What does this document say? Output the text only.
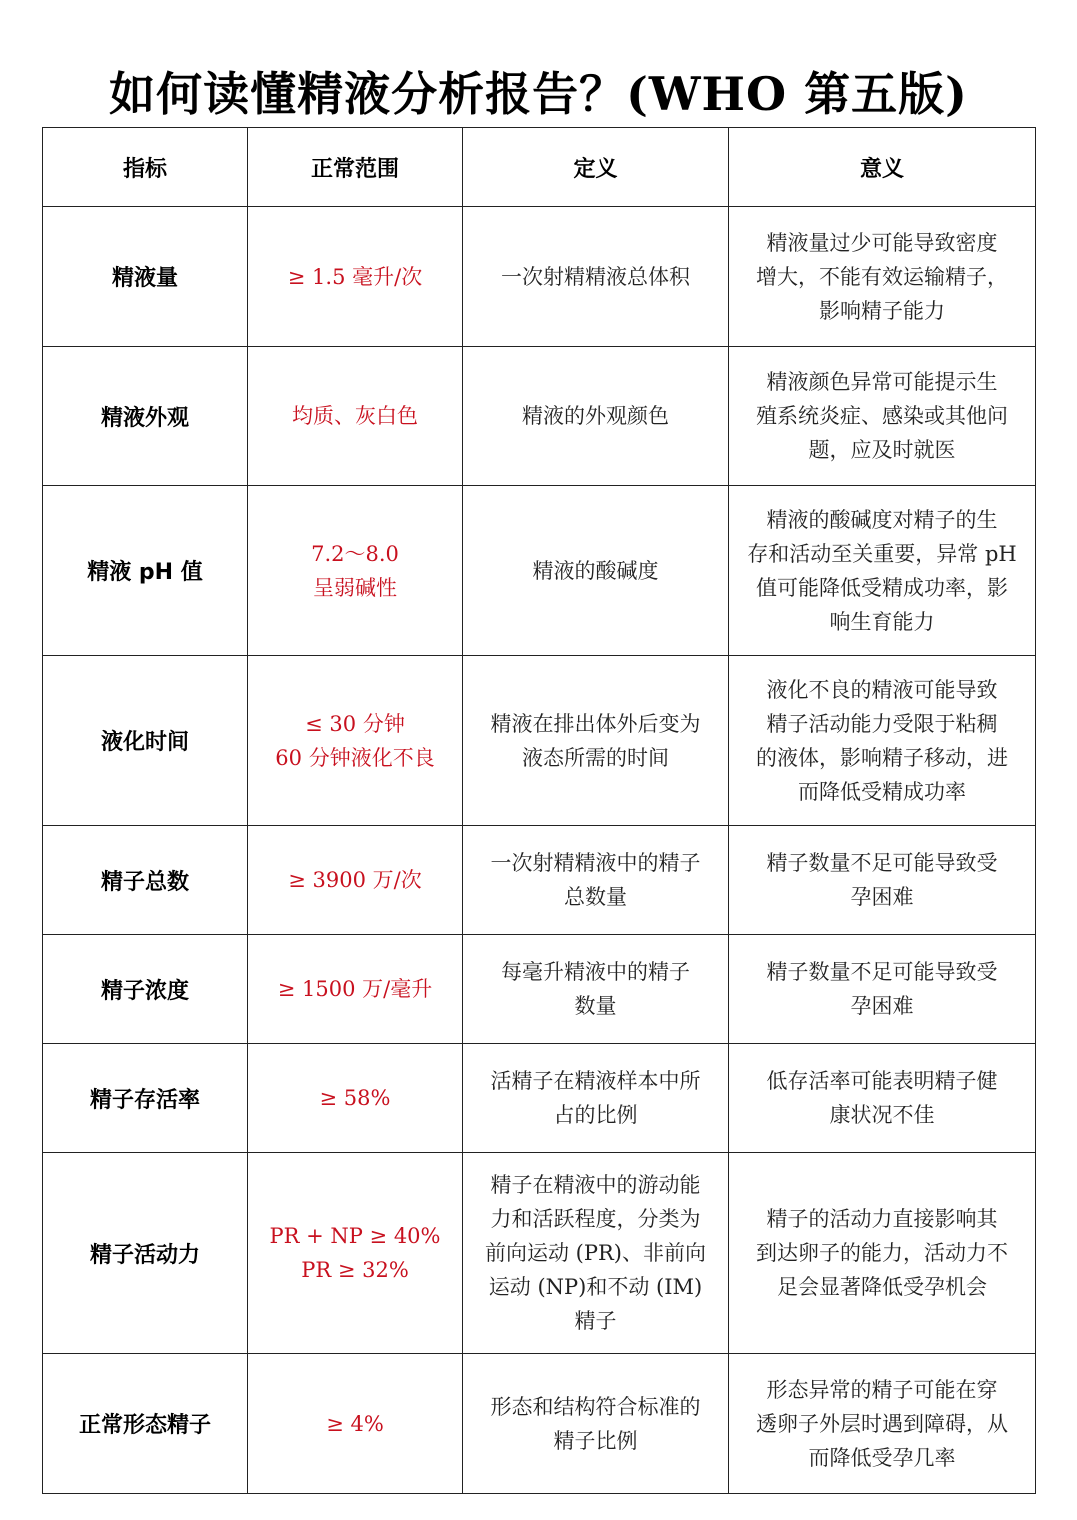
如何读懂精液分析报告？(WHO 第五版)
指标	正常范围	定义	意义
精液量	≥ 1.5 毫升/次	一次射精精液总体积	精液量过少可能导致密度
增大，不能有效运输精子，
影响精子能力

精液外观	均质、灰白色	精液的外观颜色	精液颜色异常可能提示生
殖系统炎症、感染或其他问
题，应及时就医

精液 pH 值	7.2～8.0
呈弱碱性	精液的酸碱度	精液的酸碱度对精子的生
存和活动至关重要，异常 pH
值可能降低受精成功率，影
响生育能力

液化时间	≤ 30 分钟
60 分钟液化不良	精液在排出体外后变为
液态所需的时间	液化不良的精液可能导致
精子活动能力受限于粘稠
的液体，影响精子移动，进
而降低受精成功率

精子总数	≥ 3900 万/次	一次射精精液中的精子
总数量	精子数量不足可能导致受
孕困难

精子浓度	≥ 1500 万/毫升	每毫升精液中的精子
数量	精子数量不足可能导致受
孕困难

精子存活率	≥ 58%	活精子在精液样本中所
占的比例	低存活率可能表明精子健
康状况不佳

精子活动力	PR + NP ≥ 40%
PR ≥ 32%	精子在精液中的游动能
力和活跃程度，分类为
前向运动 (PR)、非前向
运动 (NP)和不动 (IM)
精子	精子的活动力直接影响其
到达卵子的能力，活动力不
足会显著降低受孕机会

正常形态精子	≥ 4%	形态和结构符合标准的
精子比例	形态异常的精子可能在穿
透卵子外层时遇到障碍，从
而降低受孕几率
